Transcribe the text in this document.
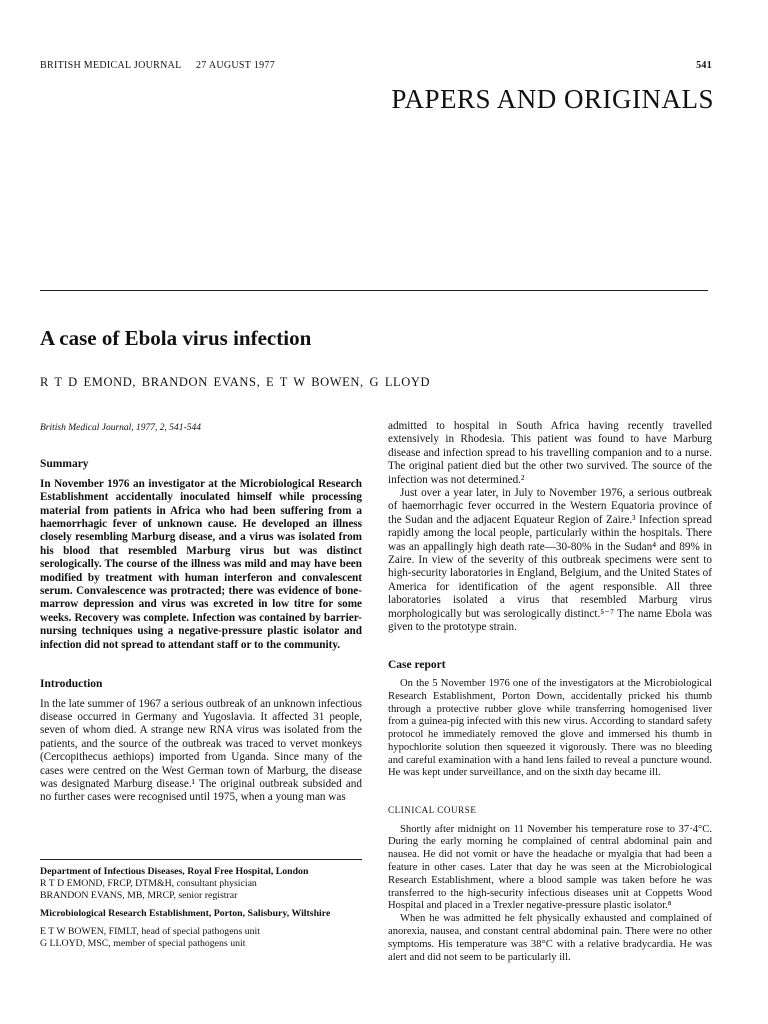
BRITISH MEDICAL JOURNAL 27 AUGUST 1977	541
PAPERS AND ORIGINALS
A case of Ebola virus infection
R T D EMOND, BRANDON EVANS, E T W BOWEN, G LLOYD
British Medical Journal, 1977, 2, 541-544
Summary

In November 1976 an investigator at the Microbiological Research Establishment accidentally inoculated himself while processing material from patients in Africa who had been suffering from a haemorrhagic fever of unknown cause. He developed an illness closely resembling Marburg disease, and a virus was isolated from his blood that resembled Marburg virus but was distinct serologically. The course of the illness was mild and may have been modified by treatment with human interferon and convalescent serum. Convalescence was protracted; there was evidence of bone-marrow depression and virus was excreted in low titre for some weeks. Recovery was complete. Infection was contained by barrier-nursing techniques using a negative-pressure plastic isolator and infection did not spread to attendant staff or to the community.

Introduction

In the late summer of 1967 a serious outbreak of an unknown infectious disease occurred in Germany and Yugoslavia. It affected 31 people, seven of whom died. A strange new RNA virus was isolated from the patients, and the source of the outbreak was traced to vervet monkeys (Cercopithecus aethiops) imported from Uganda. Since many of the cases were centred on the West German town of Marburg, the disease was designated Marburg disease.¹ The original outbreak subsided and no further cases were recognised until 1975, when a young man was

Department of Infectious Diseases, Royal Free Hospital, London
R T D EMOND, FRCP, DTM&H, consultant physician
BRANDON EVANS, MB, MRCP, senior registrar
Microbiological Research Establishment, Porton, Salisbury, Wiltshire
E T W BOWEN, FIMLT, head of special pathogens unit
G LLOYD, MSC, member of special pathogens unit

admitted to hospital in South Africa having recently travelled extensively in Rhodesia. This patient was found to have Marburg disease and infection spread to his travelling companion and to a nurse. The original patient died but the other two survived. The source of the infection was not determined.²

Just over a year later, in July to November 1976, a serious outbreak of haemorrhagic fever occurred in the Western Equatoria province of the Sudan and the adjacent Equateur Region of Zaire.³ Infection spread rapidly among the local people, particularly within the hospitals. There was an appallingly high death rate—30-80% in the Sudan⁴ and 89% in Zaire. In view of the severity of this outbreak specimens were sent to high-security laboratories in England, Belgium, and the United States of America for identification of the agent responsible. All three laboratories isolated a virus that resembled Marburg virus morphologically but was serologically distinct.⁵⁻⁷ The name Ebola was given to the prototype strain.

Case report

On the 5 November 1976 one of the investigators at the Microbiological Research Establishment, Porton Down, accidentally pricked his thumb through a protective rubber glove while transferring homogenised liver from a guinea-pig infected with this new virus. According to standard safety protocol he immediately removed the glove and immersed his thumb in hypochlorite solution then squeezed it vigorously. There was no bleeding and careful examination with a hand lens failed to reveal a puncture wound. He was kept under surveillance, and on the sixth day became ill.

CLINICAL COURSE

Shortly after midnight on 11 November his temperature rose to 37·4°C. During the early morning he complained of central abdominal pain and nausea. He did not vomit or have the headache or myalgia that had been a feature in other cases. Later that day he was seen at the Microbiological Research Establishment, where a blood sample was taken before he was transferred to the high-security infectious diseases unit at Coppetts Wood Hospital and placed in a Trexler negative-pressure plastic isolator.⁸

When he was admitted he felt physically exhausted and complained of anorexia, nausea, and constant central abdominal pain. There were no other symptoms. His temperature was 38°C with a relative bradycardia. He was alert and did not seem to be particularly ill.
